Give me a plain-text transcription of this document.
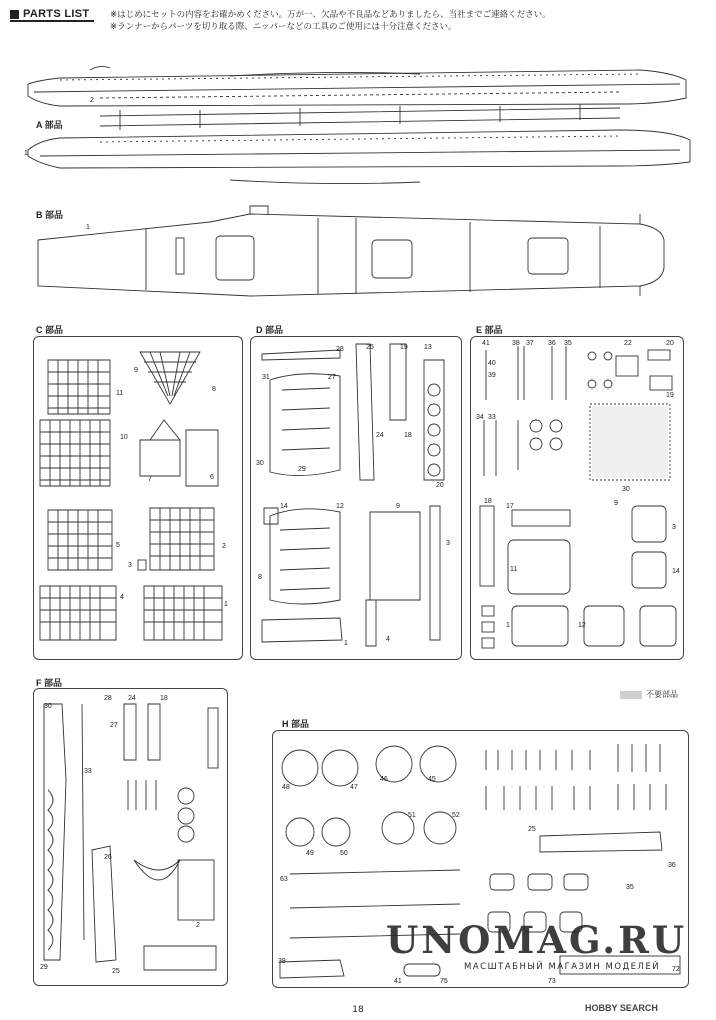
PARTS LIST ※はじめにセットの内容をお確かめください。万が一、欠品や不良品などありましたら、当社までご連絡ください。
※ランナーからパーツを切り取る際、ニッパーなどの工具のご使用には十分注意ください。
A 部品
B 部品
C 部品	D 部品	E 部品
F 部品
H 部品
2
1
1
9
8
11
10
7	6
5	2
3
4
1
28	25	19 13
31	27
24	18
30
29
20
14	12	9
8
3
1
4
41	38 37 36 35	22	20
40
39
19
34 33
30
18
17	9
3
11	14
1	12
30
28 24	18
27
33
26
29
25
2
48
46	45
47
51	52
49	50
25
63
36
35
38
41	75	73
72
不要部品
UNOMAG.RU
МАСШТАБНЫЙ МАГАЗИН МОДЕЛЕЙ
18	HOBBY SEARCH
